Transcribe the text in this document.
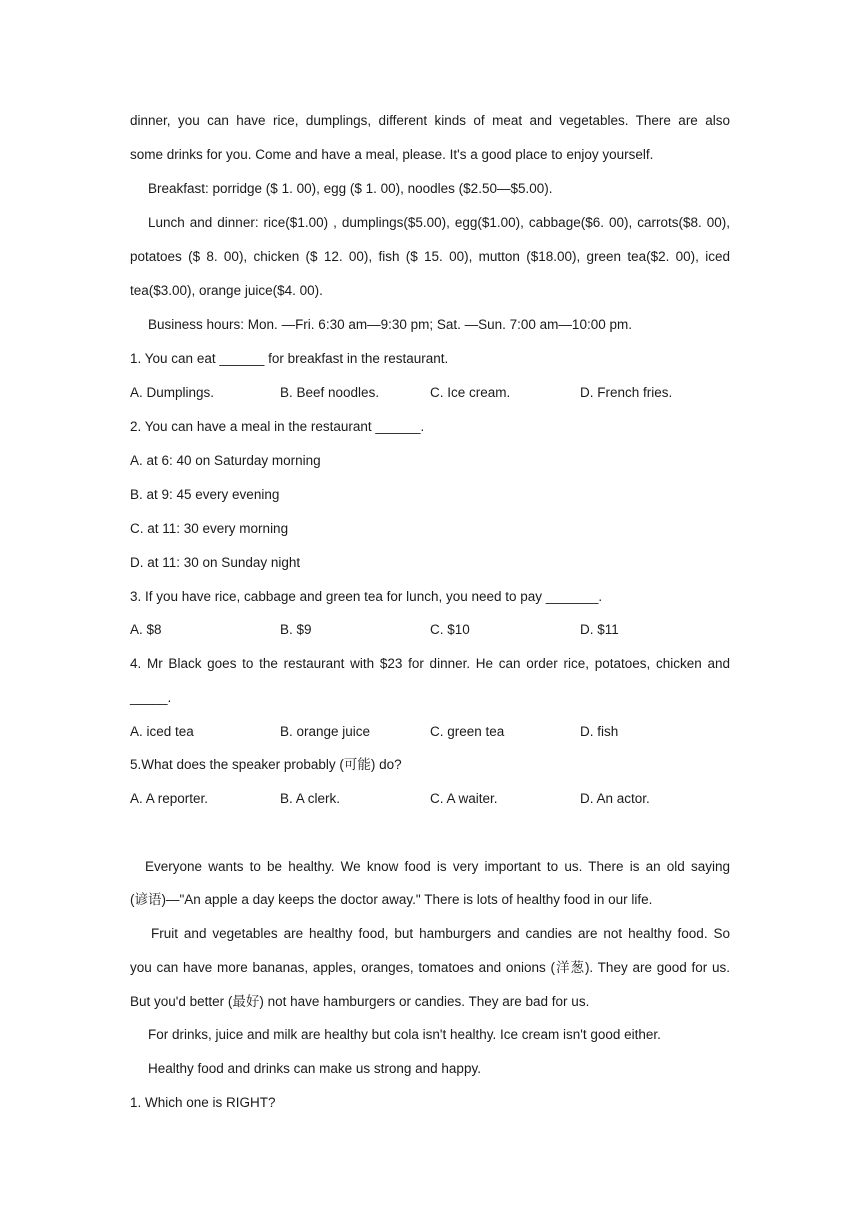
dinner, you can have rice, dumplings, different kinds of meat and vegetables. There are also
some drinks for you. Come and have a meal, please. It's a good place to enjoy yourself.
Breakfast: porridge ($ 1. 00), egg ($ 1. 00), noodles ($2.50—$5.00).
Lunch and dinner: rice($1.00) , dumplings($5.00), egg($1.00), cabbage($6. 00), carrots($8. 00),
potatoes ($ 8. 00), chicken ($ 12. 00), fish ($ 15. 00), mutton ($18.00), green tea($2. 00), iced
tea($3.00), orange juice($4. 00).
Business hours: Mon. —Fri. 6:30 am—9:30 pm; Sat. —Sun. 7:00 am—10:00 pm.
1. You can eat ______ for breakfast in the restaurant.
A. Dumplings.	B. Beef noodles.	C. Ice cream.	D. French fries.
2. You can have a meal in the restaurant ______.
A. at 6: 40 on Saturday morning
B. at 9: 45 every evening
C. at 11: 30 every morning
D. at 11: 30 on Sunday night
3. If you have rice, cabbage and green tea for lunch, you need to pay _______.
A. $8	B. $9	C. $10	D. $11
4. Mr Black goes to the restaurant with $23 for dinner. He can order rice, potatoes, chicken and
_____.
A. iced tea	B. orange juice	C. green tea	D. fish
5.What does the speaker probably (可能) do?
A. A reporter.	B. A clerk.	C. A waiter.	D. An actor.
Everyone wants to be healthy. We know food is very important to us. There is an old saying
(谚语)—"An apple a day keeps the doctor away." There is lots of healthy food in our life.
Fruit and vegetables are healthy food, but hamburgers and candies are not healthy food. So
you can have more bananas, apples, oranges, tomatoes and onions (洋葱). They are good for us.
But you'd better (最好) not have hamburgers or candies. They are bad for us.
For drinks, juice and milk are healthy but cola isn't healthy. Ice cream isn't good either.
Healthy food and drinks can make us strong and happy.
1. Which one is RIGHT?
